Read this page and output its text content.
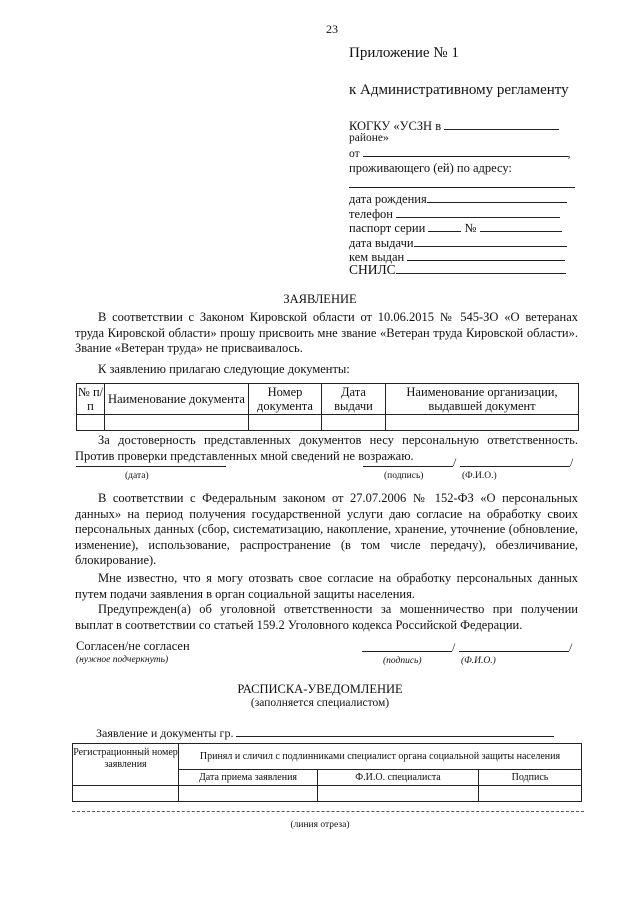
23
Приложение № 1
к Административному регламенту
КОГКУ «УСЗН в
районе»
от	,
проживающего (ей) по адресу:
дата рождения
телефон
паспорт серии	№
дата выдачи
кем выдан
СНИЛС
ЗАЯВЛЕНИЕ
В соответствии с Законом Кировской области от 10.06.2015 № 545-ЗО «О ветеранах труда Кировской области» прошу присвоить мне звание «Ветеран труда Кировской области». Звание «Ветеран труда» не присваивалось.
К заявлению прилагаю следующие документы:
№ п/п	Наименование документа	Номер документа	Дата выдачи	Наименование организации, выдавшей документ

За достоверность представленных документов несу персональную ответственность. Против проверки представленных мной сведений не возражаю.
(дата)
/	/
(подпись)	(Ф.И.О.)
В соответствии с Федеральным законом от 27.07.2006 № 152-ФЗ «О персональных данных» на период получения государственной услуги даю согласие на обработку своих персональных данных (сбор, систематизацию, накопление, хранение, уточнение (обновление, изменение), использование, распространение (в том числе передачу), обезличивание, блокирование).
Мне известно, что я могу отозвать свое согласие на обработку персональных данных путем подачи заявления в орган социальной защиты населения.
Предупрежден(а) об уголовной ответственности за мошенничество при получении выплат в соответствии со статьей 159.2 Уголовного кодекса Российской Федерации.
Согласен/не согласен
(нужное подчеркнуть)
/	/
(подпись)	(Ф.И.О.)
РАСПИСКА-УВЕДОМЛЕНИЕ
(заполняется специалистом)
Заявление и документы гр.
Регистрационный номер заявления	Принял и сличил с подлинниками специалист органа социальной защиты населения		
	Дата приема заявления	Ф.И.О. специалиста	Подпись

(линия отреза)
